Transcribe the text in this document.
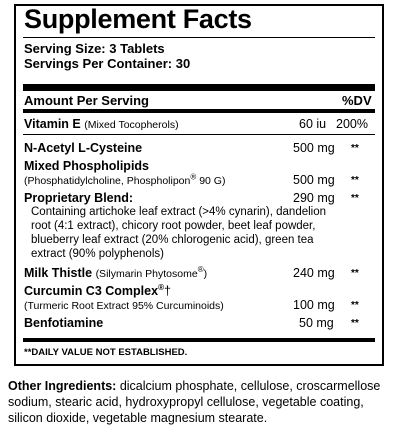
Supplement Facts
Serving Size: 3 Tablets
Servings Per Container: 30
Amount Per Serving	%DV
Vitamin E (Mixed Tocopherols)	60 iu 200%
N-Acetyl L-Cysteine	500 mg **
Mixed Phospholipids
(Phosphatidylcholine, Phospholipon® 90 G)	500 mg **
Proprietary Blend:	290 mg **
Containing artichoke leaf extract (>4% cynarin), dandelion
root (4:1 extract), chicory root powder, beet leaf powder,
blueberry leaf extract (20% chlorogenic acid), green tea
extract (90% polyphenols)
Milk Thistle (Silymarin Phytosome®)	240 mg **
Curcumin C3 Complex®†
(Turmeric Root Extract 95% Curcuminoids)	100 mg **
Benfotiamine	50 mg **
**DAILY VALUE NOT ESTABLISHED.
Other Ingredients: dicalcium phosphate, cellulose, croscarmellose sodium, stearic acid, hydroxypropyl cellulose, vegetable coating, silicon dioxide, vegetable magnesium stearate.
